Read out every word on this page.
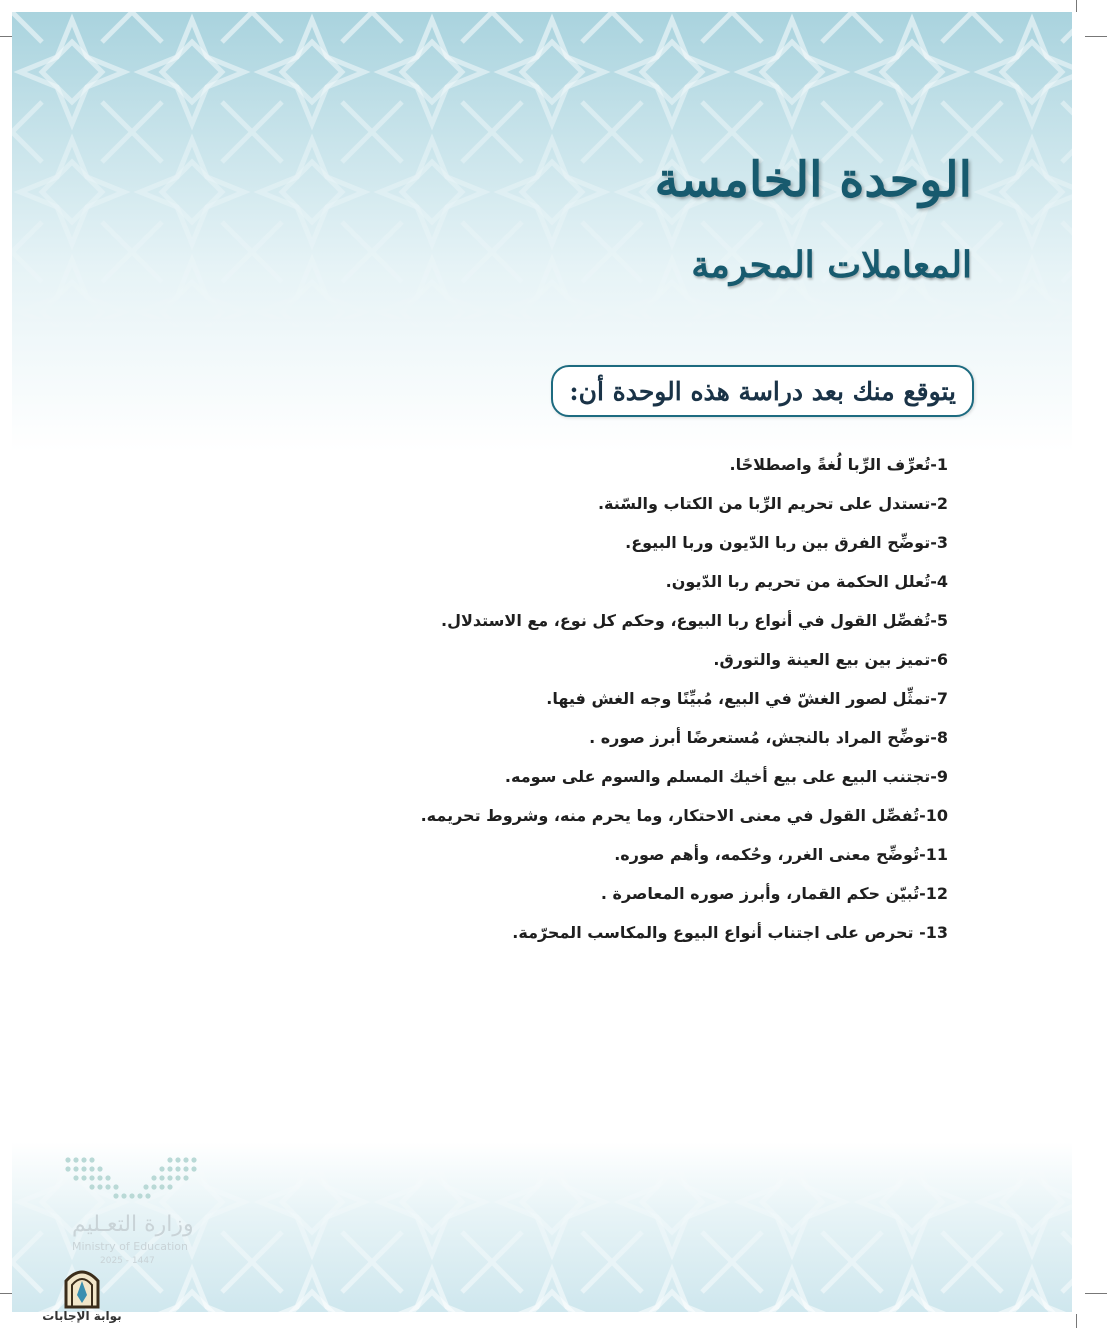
الوحدة الخامسة
المعاملات المحرمة
يتوقع منك بعد دراسة هذه الوحدة أن:
1-تُعرِّف الرِّبا لُغةً واصطلاحًا.
2-تستدل على تحريم الرِّبا من الكتاب والسّنة.
3-توضِّح الفرق بين ربا الدّيون وربا البيوع.
4-تُعلل الحكمة من تحريم ربا الدّيون.
5-تُفصِّل القول في أنواع ربا البيوع، وحكم كل نوع، مع الاستدلال.
6-تميز بين بيع العينة والتورق.
7-تمثِّل لصور الغشّ في البيع، مُبيِّنًا وجه الغش فيها.
8-توضِّح المراد بالنجش، مُستعرضًا أبرز صوره .
9-تجتنب البيع على بيع أخيك المسلم والسوم على سومه.
10-تُفصِّل القول في معنى الاحتكار، وما يحرم منه، وشروط تحريمه.
11-تُوضِّح معنى الغرر، وحُكمه، وأهم صوره.
12-تُبيّن حكم القمار، وأبرز صوره المعاصرة .
13- تحرص على اجتناب أنواع البيوع والمكاسب المحرّمة.
وزارة التعـليم
Ministry of Education
2025 - 1447
بوابة الإجابات
